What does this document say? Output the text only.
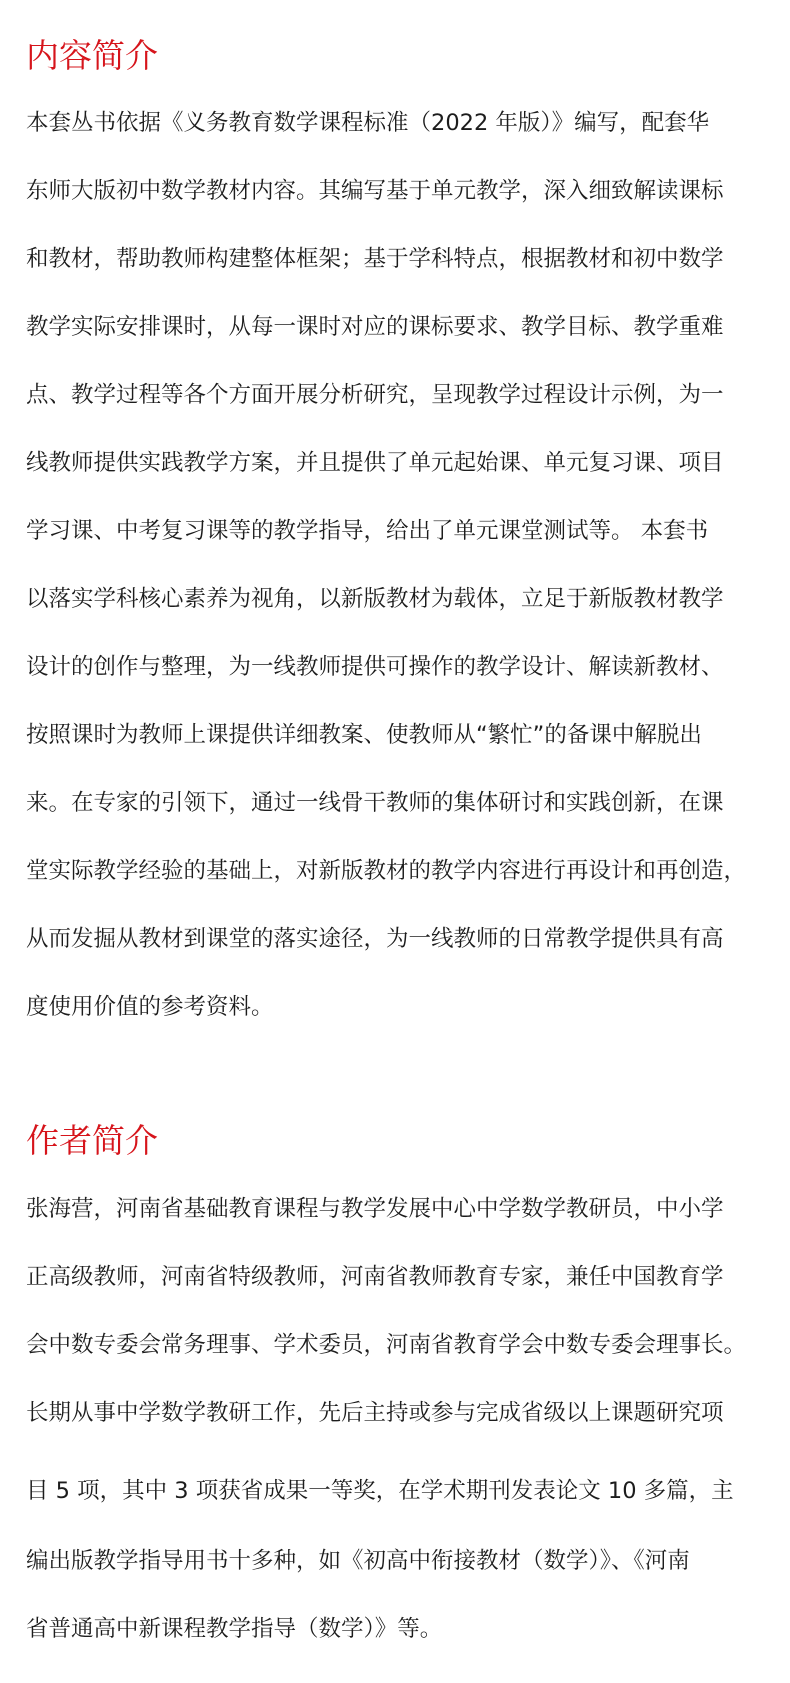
内容简介

本套丛书依据《义务教育数学课程标准（2022 年版）》编写，配套华

东师大版初中数学教材内容。其编写基于单元教学，深入细致解读课标

和教材，帮助教师构建整体框架；基于学科特点，根据教材和初中数学

教学实际安排课时，从每一课时对应的课标要求、教学目标、教学重难

点、教学过程等各个方面开展分析研究，呈现教学过程设计示例，为一

线教师提供实践教学方案，并且提供了单元起始课、单元复习课、项目

学习课、中考复习课等的教学指导，给出了单元课堂测试等。 本套书

以落实学科核心素养为视角，以新版教材为载体，立足于新版教材教学

设计的创作与整理，为一线教师提供可操作的教学设计、解读新教材、

按照课时为教师上课提供详细教案、使教师从“繁忙”的备课中解脱出

来。在专家的引领下，通过一线骨干教师的集体研讨和实践创新，在课

堂实际教学经验的基础上，对新版教材的教学内容进行再设计和再创造，

从而发掘从教材到课堂的落实途径，为一线教师的日常教学提供具有高

度使用价值的参考资料。

作者简介

张海营，河南省基础教育课程与教学发展中心中学数学教研员，中小学

正高级教师，河南省特级教师，河南省教师教育专家，兼任中国教育学

会中数专委会常务理事、学术委员，河南省教育学会中数专委会理事长。

长期从事中学数学教研工作，先后主持或参与完成省级以上课题研究项

目 5 项，其中 3 项获省成果一等奖，在学术期刊发表论文 10 多篇，主

编出版教学指导用书十多种，如《初高中衔接教材（数学）》、《河南

省普通高中新课程教学指导（数学）》等。
